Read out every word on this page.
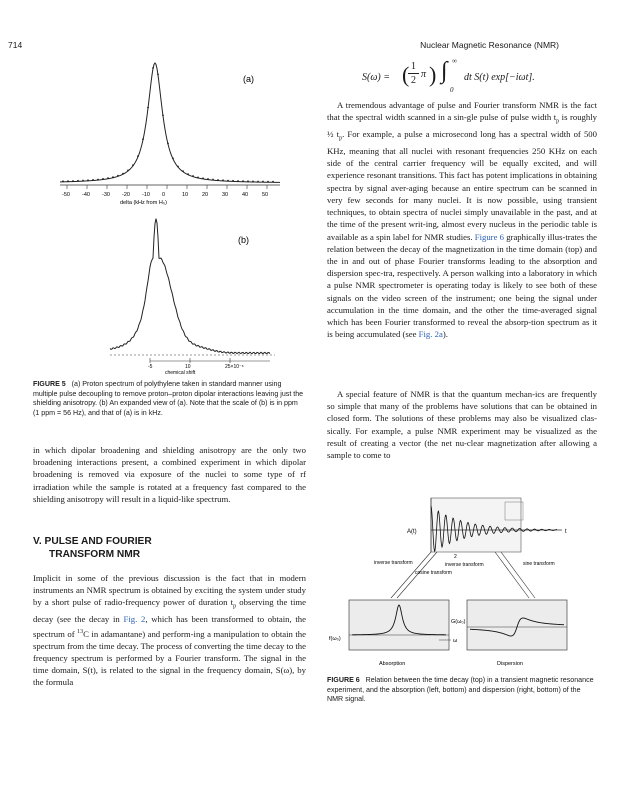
714	Nuclear Magnetic Resonance (NMR)
-50 -40 -30 -20 -10 0	10	20	30	40	50
(a)
delta (kHz from H₀)
-5	10	25×10⁻⁶
(b)
chemical shift
FIGURE 5 (a) Proton spectrum of polythylene taken in standard manner using multiple pulse decoupling to remove proton–proton dipolar interactions leaving just the shielding anisotropy. (b) An expanded view of (a). Note that the scale of (b) is in ppm (1 ppm = 56 Hz), and that of (a) is in kHz.
in which dipolar broadening and shielding anisotropy are the only two broadening interactions present, a combined experiment in which dipolar broadening is removed via exposure of the nuclei to some type of rf irradiation while the sample is rotated at a frequency fast compared to the shielding anisotropy will result in a liquid-like spectrum.
V. PULSE AND FOURIER
TRANSFORM NMR
Implicit in some of the previous discussion is the fact that in modern instruments an NMR spectrum is obtained by exciting the system under study by a short pulse of radio-frequency power of duration $t_p$ observing the time decay (see the decay in Fig. 2, which has been transformed to obtain, the spectrum of $^{13}$C in adamantane) and perform-ing a manipulation to obtain the spectrum from the time decay. The process of converting the time decay to the frequency spectrum is performed by a Fourier transform. The signal in the time domain, S(t), is related to the signal in the frequency domain, S(ω), by the formula
S(ω) = ( 1
2
π ) ∫ ∞
0
dt S(t) exp[−iωt].
A tremendous advantage of pulse and Fourier transform NMR is the fact that the spectral width scanned in a sin-gle pulse of pulse width $t_p$ is roughly ½ $t_p$. For example, a pulse a microsecond long has a spectral width of 500 KHz, meaning that all nuclei with resonant frequencies 250 KHz on each side of the central carrier frequency will be equally excited, and will experience resonant transitions. This fact has potent implications in obtaining spectra by signal aver-aging because an entire spectrum can be scanned in very few seconds for many nuclei. It is now possible, using transient techniques, to obtain spectra of nuclei simply unavailable in the past, and at the time of the present writ-ing, almost every nucleus in the periodic table is available as a spin label for NMR studies. Figure 6 graphically illus-trates the relation between the decay of the magnetization in the time domain (top) and the in and out of phase Fourier transforms leading to the absorption and dispersion spec-tra, respectively. A person walking into a laboratory in which a pulse NMR spectrometer is operating today is likely to see both of these signals on the video screen of the instrument; one being the signal under accumulation in the time domain, and the other the time-averaged signal which has been Fourier transformed to reveal the absorp-tion spectrum as it is being accumulated (see Fig. 2a).
A special feature of NMR is that the quantum mechan-ics are frequently so simple that many of the problems have solutions that can be obtained in closed form. The solutions of these problems may also be visualized clas-sically. For example, a pulse NMR experiment may be visualized as the result of creating a vector (the net nu-clear magnetization after allowing a sample to come to
A(t)	t
2
inverse transform	inverse transform
cosine transform
sine transform
f(ω₀)
Absorption
G(ω₀)
ω
Dispersion
FIGURE 6 Relation between the time decay (top) in a transient magnetic resonance experiment, and the absorption (left, bottom) and dispersion (right, bottom) of the NMR signal.
